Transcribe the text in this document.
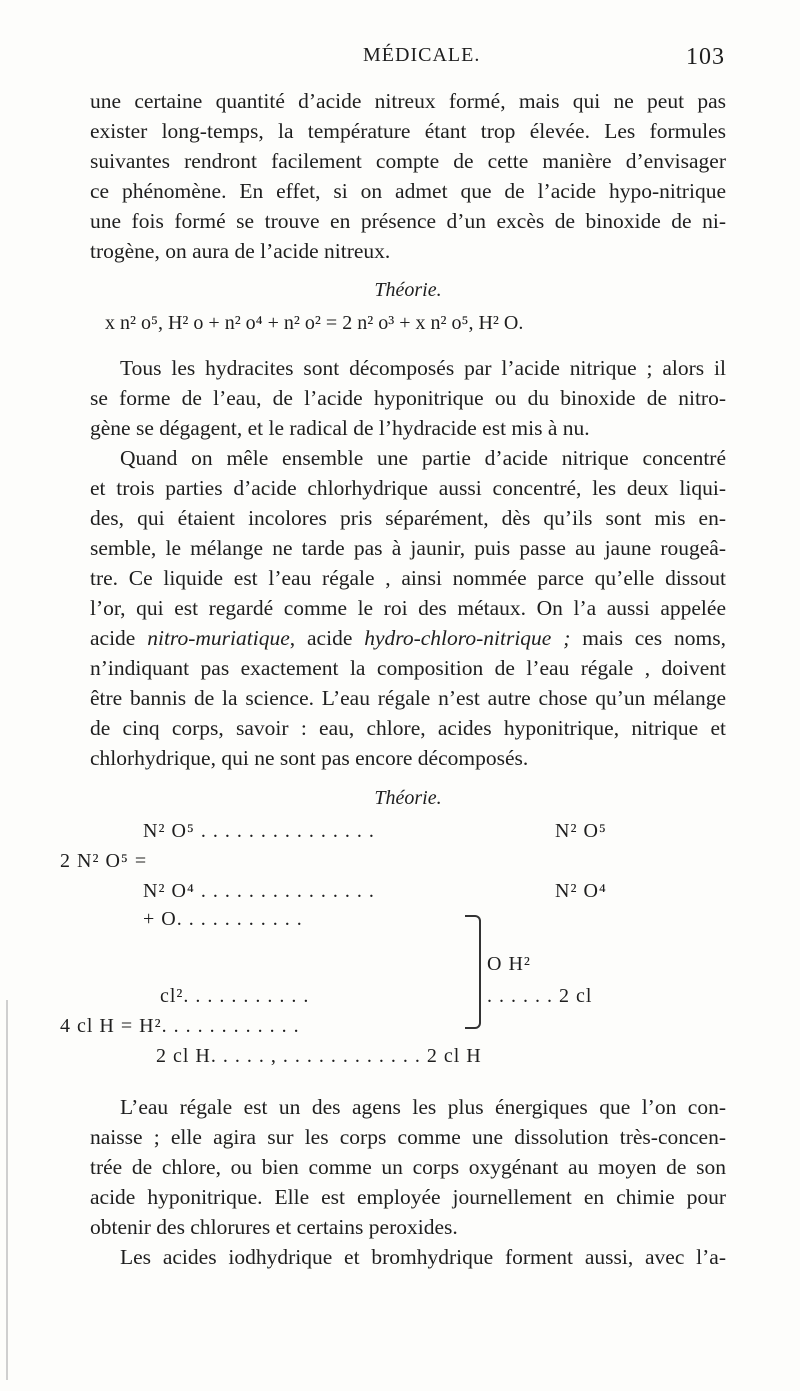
MÉDICALE.	103
une certaine quantité d’acide nitreux formé, mais qui ne peut pas
exister long-temps, la température étant trop élevée. Les formules
suivantes rendront facilement compte de cette manière d’envisager
ce phénomène. En effet, si on admet que de l’acide hypo-nitrique
une fois formé se trouve en présence d’un excès de binoxide de ni-
trogène, on aura de l’acide nitreux.
Théorie.
x n² o⁵, H² o + n² o⁴ + n² o² = 2 n² o³ + x n² o⁵, H² O.
Tous les hydracites sont décomposés par l’acide nitrique ; alors il
se forme de l’eau, de l’acide hyponitrique ou du binoxide de nitro-
gène se dégagent, et le radical de l’hydracide est mis à nu.
Quand on mêle ensemble une partie d’acide nitrique concentré
et trois parties d’acide chlorhydrique aussi concentré, les deux liqui-
des, qui étaient incolores pris séparément, dès qu’ils sont mis en-
semble, le mélange ne tarde pas à jaunir, puis passe au jaune rougeâ-
tre. Ce liquide est l’eau régale , ainsi nommée parce qu’elle dissout
l’or, qui est regardé comme le roi des métaux. On l’a aussi appelée
acide nitro-muriatique, acide hydro-chloro-nitrique ; mais ces noms,
n’indiquant pas exactement la composition de l’eau régale , doivent
être bannis de la science. L’eau régale n’est autre chose qu’un mélange
de cinq corps, savoir : eau, chlore, acides hyponitrique, nitrique et
chlorhydrique, qui ne sont pas encore décomposés.
Théorie.
N² O⁵ . . . . . . . . . . . . . . .	N² O⁵
2 N² O⁵ =
N² O⁴ . . . . . . . . . . . . . . .	N² O⁴
+ O. . . . . . . . . . .
O H²
cl². . . . . . . . . . .	. . . . . . 2 cl
4 cl H = H². . . . . . . . . . . .
2 cl H. . . . . , . . . . . . . . . . . . 2 cl H
L’eau régale est un des agens les plus énergiques que l’on con-
naisse ; elle agira sur les corps comme une dissolution très-concen-
trée de chlore, ou bien comme un corps oxygénant au moyen de son
acide hyponitrique. Elle est employée journellement en chimie pour
obtenir des chlorures et certains peroxides.
Les acides iodhydrique et bromhydrique forment aussi, avec l’a-
